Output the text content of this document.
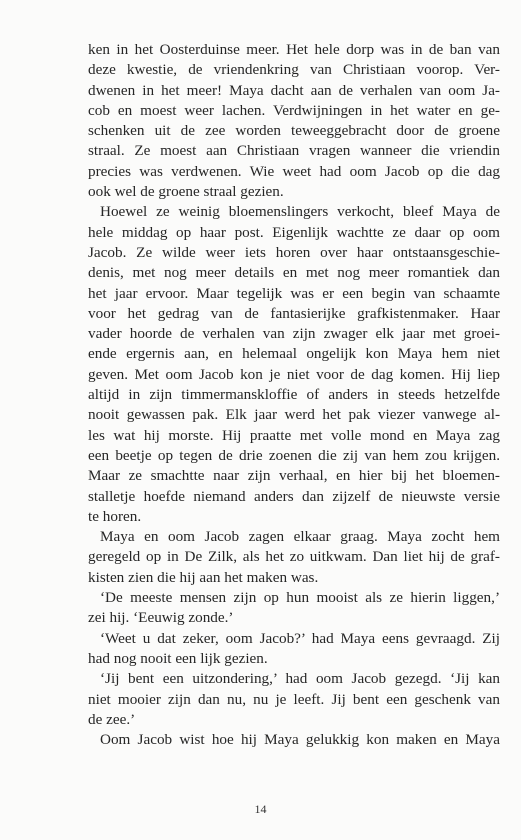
ken in het Oosterduinse meer. Het hele dorp was in de ban van
deze kwestie, de vriendenkring van Christiaan voorop. Ver-
dwenen in het meer! Maya dacht aan de verhalen van oom Ja-
cob en moest weer lachen. Verdwijningen in het water en ge-
schenken uit de zee worden teweeggebracht door de groene
straal. Ze moest aan Christiaan vragen wanneer die vriendin
precies was verdwenen. Wie weet had oom Jacob op die dag
ook wel de groene straal gezien.
Hoewel ze weinig bloemenslingers verkocht, bleef Maya de
hele middag op haar post. Eigenlijk wachtte ze daar op oom
Jacob. Ze wilde weer iets horen over haar ontstaansgeschie-
denis, met nog meer details en met nog meer romantiek dan
het jaar ervoor. Maar tegelijk was er een begin van schaamte
voor het gedrag van de fantasierijke grafkistenmaker. Haar
vader hoorde de verhalen van zijn zwager elk jaar met groei-
ende ergernis aan, en helemaal ongelijk kon Maya hem niet
geven. Met oom Jacob kon je niet voor de dag komen. Hij liep
altijd in zijn timmermanskloffie of anders in steeds hetzelfde
nooit gewassen pak. Elk jaar werd het pak viezer vanwege al-
les wat hij morste. Hij praatte met volle mond en Maya zag
een beetje op tegen de drie zoenen die zij van hem zou krijgen.
Maar ze smachtte naar zijn verhaal, en hier bij het bloemen-
stalletje hoefde niemand anders dan zijzelf de nieuwste versie
te horen.
Maya en oom Jacob zagen elkaar graag. Maya zocht hem
geregeld op in De Zilk, als het zo uitkwam. Dan liet hij de graf-
kisten zien die hij aan het maken was.
‘De meeste mensen zijn op hun mooist als ze hierin liggen,’
zei hij. ‘Eeuwig zonde.’
‘Weet u dat zeker, oom Jacob?’ had Maya eens gevraagd. Zij
had nog nooit een lijk gezien.
‘Jij bent een uitzondering,’ had oom Jacob gezegd. ‘Jij kan
niet mooier zijn dan nu, nu je leeft. Jij bent een geschenk van
de zee.’
Oom Jacob wist hoe hij Maya gelukkig kon maken en Maya
14
